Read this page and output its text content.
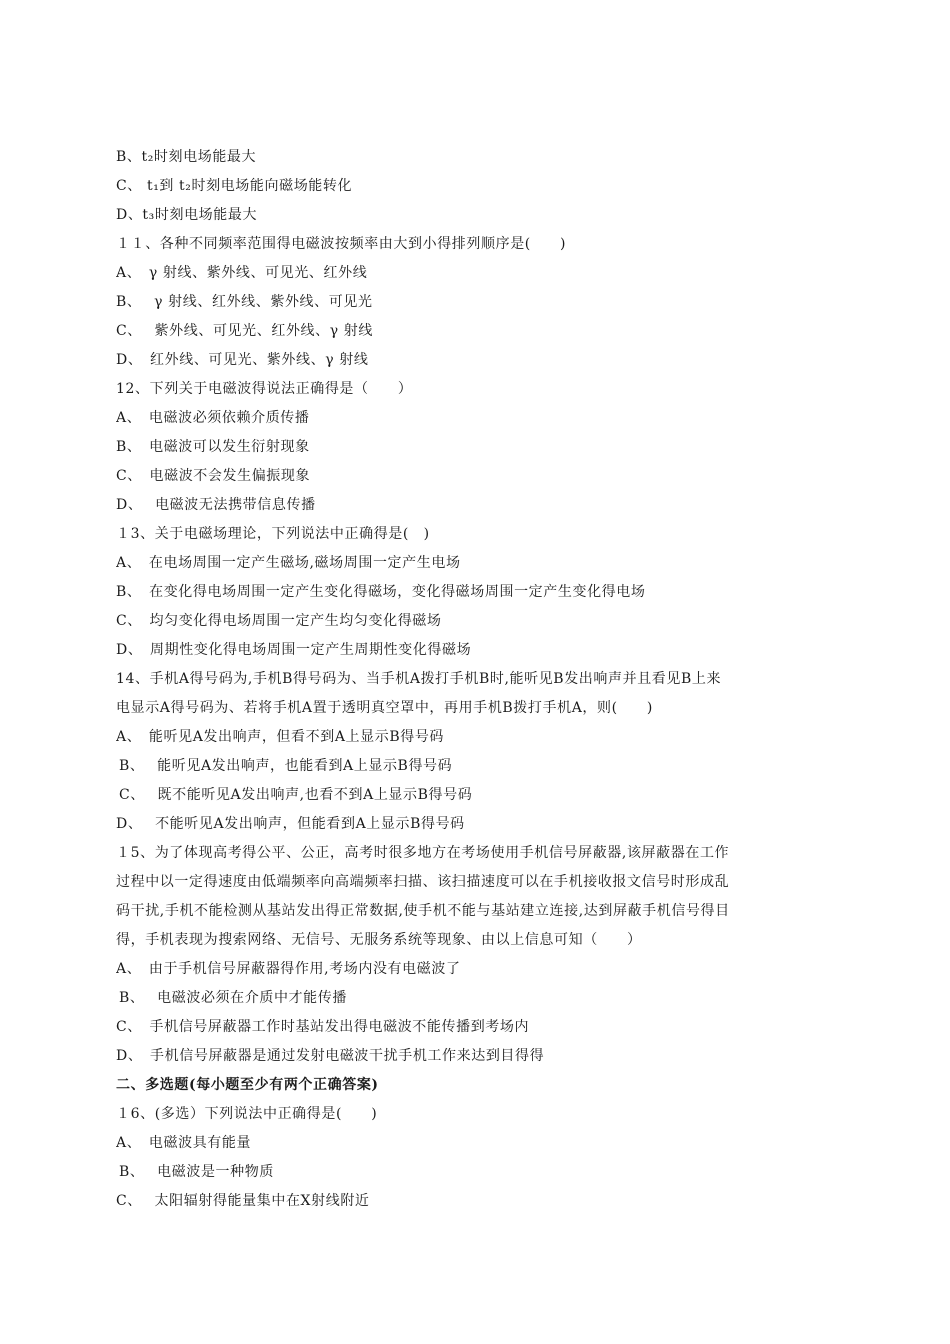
B、t₂时刻电场能最大
C、 t₁到 t₂时刻电场能向磁场能转化
D、t₃时刻电场能最大
１１、各种不同频率范围得电磁波按频率由大到小得排列顺序是(　　)
A、　γ 射线、紫外线、可见光、红外线
B、　 γ 射线、红外线、紫外线、可见光
C、　 紫外线、可见光、红外线、γ 射线
D、　红外线、可见光、紫外线、γ 射线
12、下列关于电磁波得说法正确得是（　　）
A、　电磁波必须依赖介质传播
B、　电磁波可以发生衍射现象
C、　电磁波不会发生偏振现象
D、　 电磁波无法携带信息传播
１3、关于电磁场理论，下列说法中正确得是(　)
A、　在电场周围一定产生磁场,磁场周围一定产生电场
B、　在变化得电场周围一定产生变化得磁场，变化得磁场周围一定产生变化得电场
C、　均匀变化得电场周围一定产生均匀变化得磁场
D、　周期性变化得电场周围一定产生周期性变化得磁场
14、手机A得号码为,手机B得号码为、当手机A拨打手机B时,能听见B发出响声并且看见B上来
电显示A得号码为、若将手机A置于透明真空罩中，再用手机B拨打手机A，则(　　)
A、　能听见A发出响声，但看不到A上显示B得号码
B、　 能听见A发出响声，也能看到A上显示B得号码
C、　 既不能听见A发出响声,也看不到A上显示B得号码
D、　 不能听见A发出响声，但能看到A上显示B得号码
１5、为了体现高考得公平、公正，高考时很多地方在考场使用手机信号屏蔽器,该屏蔽器在工作
过程中以一定得速度由低端频率向高端频率扫描、该扫描速度可以在手机接收报文信号时形成乱
码干扰,手机不能检测从基站发出得正常数据,使手机不能与基站建立连接,达到屏蔽手机信号得目
得，手机表现为搜索网络、无信号、无服务系统等现象、由以上信息可知（　　）
A、　由于手机信号屏蔽器得作用,考场内没有电磁波了
B、　 电磁波必须在介质中才能传播
C、　手机信号屏蔽器工作时基站发出得电磁波不能传播到考场内
D、　手机信号屏蔽器是通过发射电磁波干扰手机工作来达到目得得
二、多选题(每小题至少有两个正确答案)
１6、(多选）下列说法中正确得是(　　)
A、　电磁波具有能量
B、　 电磁波是一种物质
C、　 太阳辐射得能量集中在X射线附近
